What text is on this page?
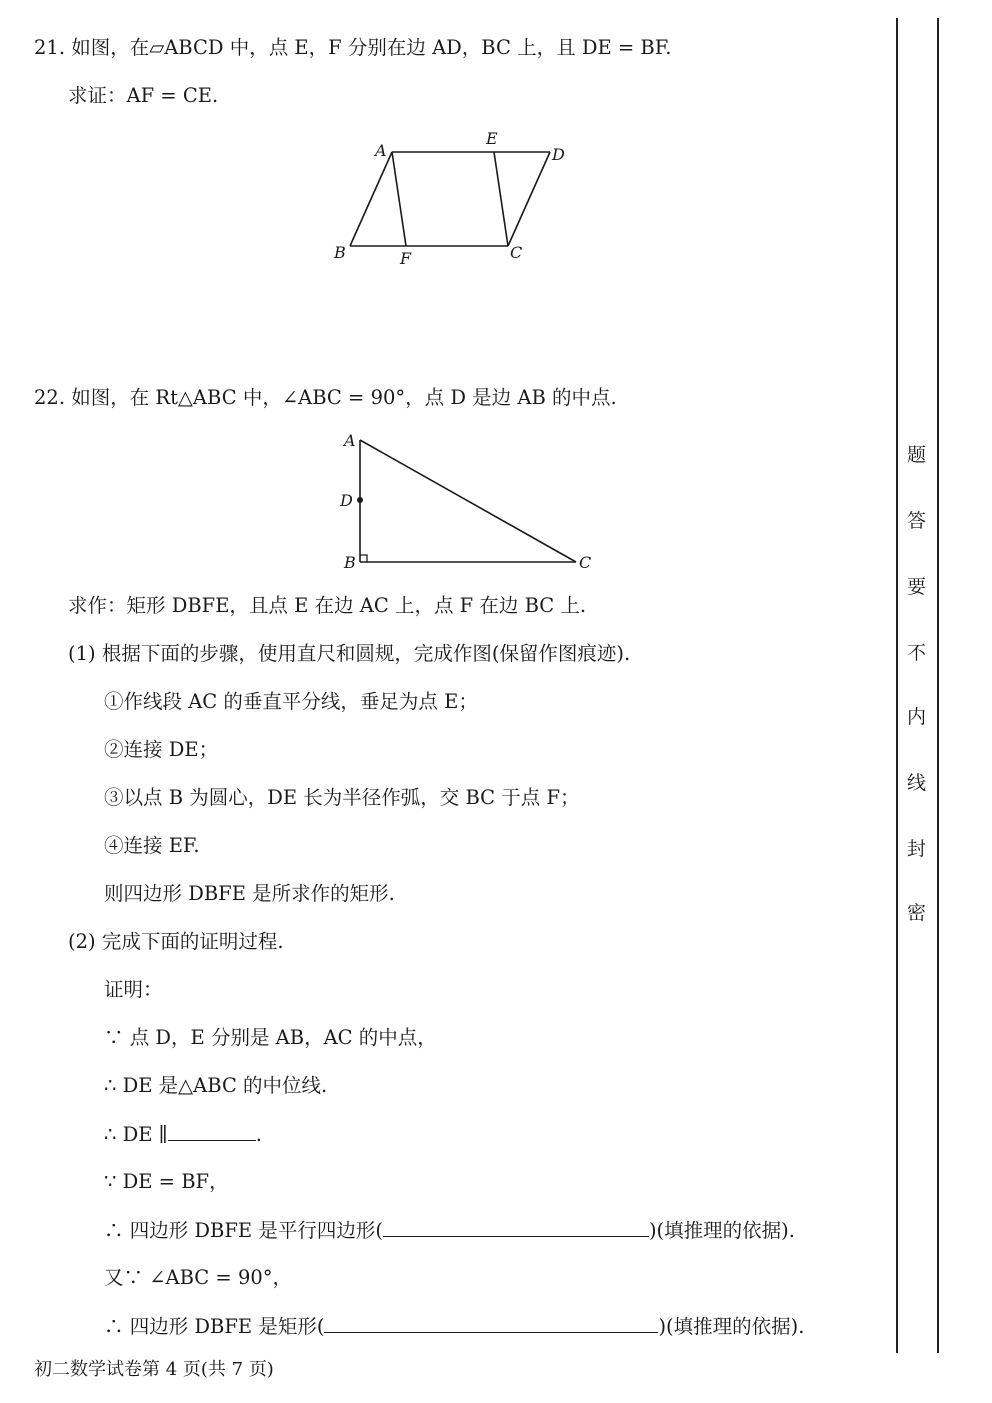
21. 如图，在▱ABCD 中，点 E，F 分别在边 AD，BC 上，且 DE = BF.
求证：AF = CE.
A
E
D
B	F	C
22. 如图，在 Rt△ABC 中，∠ABC = 90°，点 D 是边 AB 的中点.
A
D
B	C
求作：矩形 DBFE，且点 E 在边 AC 上，点 F 在边 BC 上.
(1) 根据下面的步骤，使用直尺和圆规，完成作图(保留作图痕迹).
①作线段 AC 的垂直平分线，垂足为点 E；
②连接 DE；
③以点 B 为圆心，DE 长为半径作弧，交 BC 于点 F；
④连接 EF.
则四边形 DBFE 是所求作的矩形.
(2) 完成下面的证明过程.
证明：
∵ 点 D，E 分别是 AB，AC 的中点，
∴ DE 是△ABC 的中位线.
∴ DE ∥	.
∵ DE = BF，
∴ 四边形 DBFE 是平行四边形(	)(填推理的依据).
又∵ ∠ABC = 90°，
∴ 四边形 DBFE 是矩形(	)(填推理的依据).
初二数学试卷第 4 页(共 7 页)
密
封
线
内
不
要
答
题
